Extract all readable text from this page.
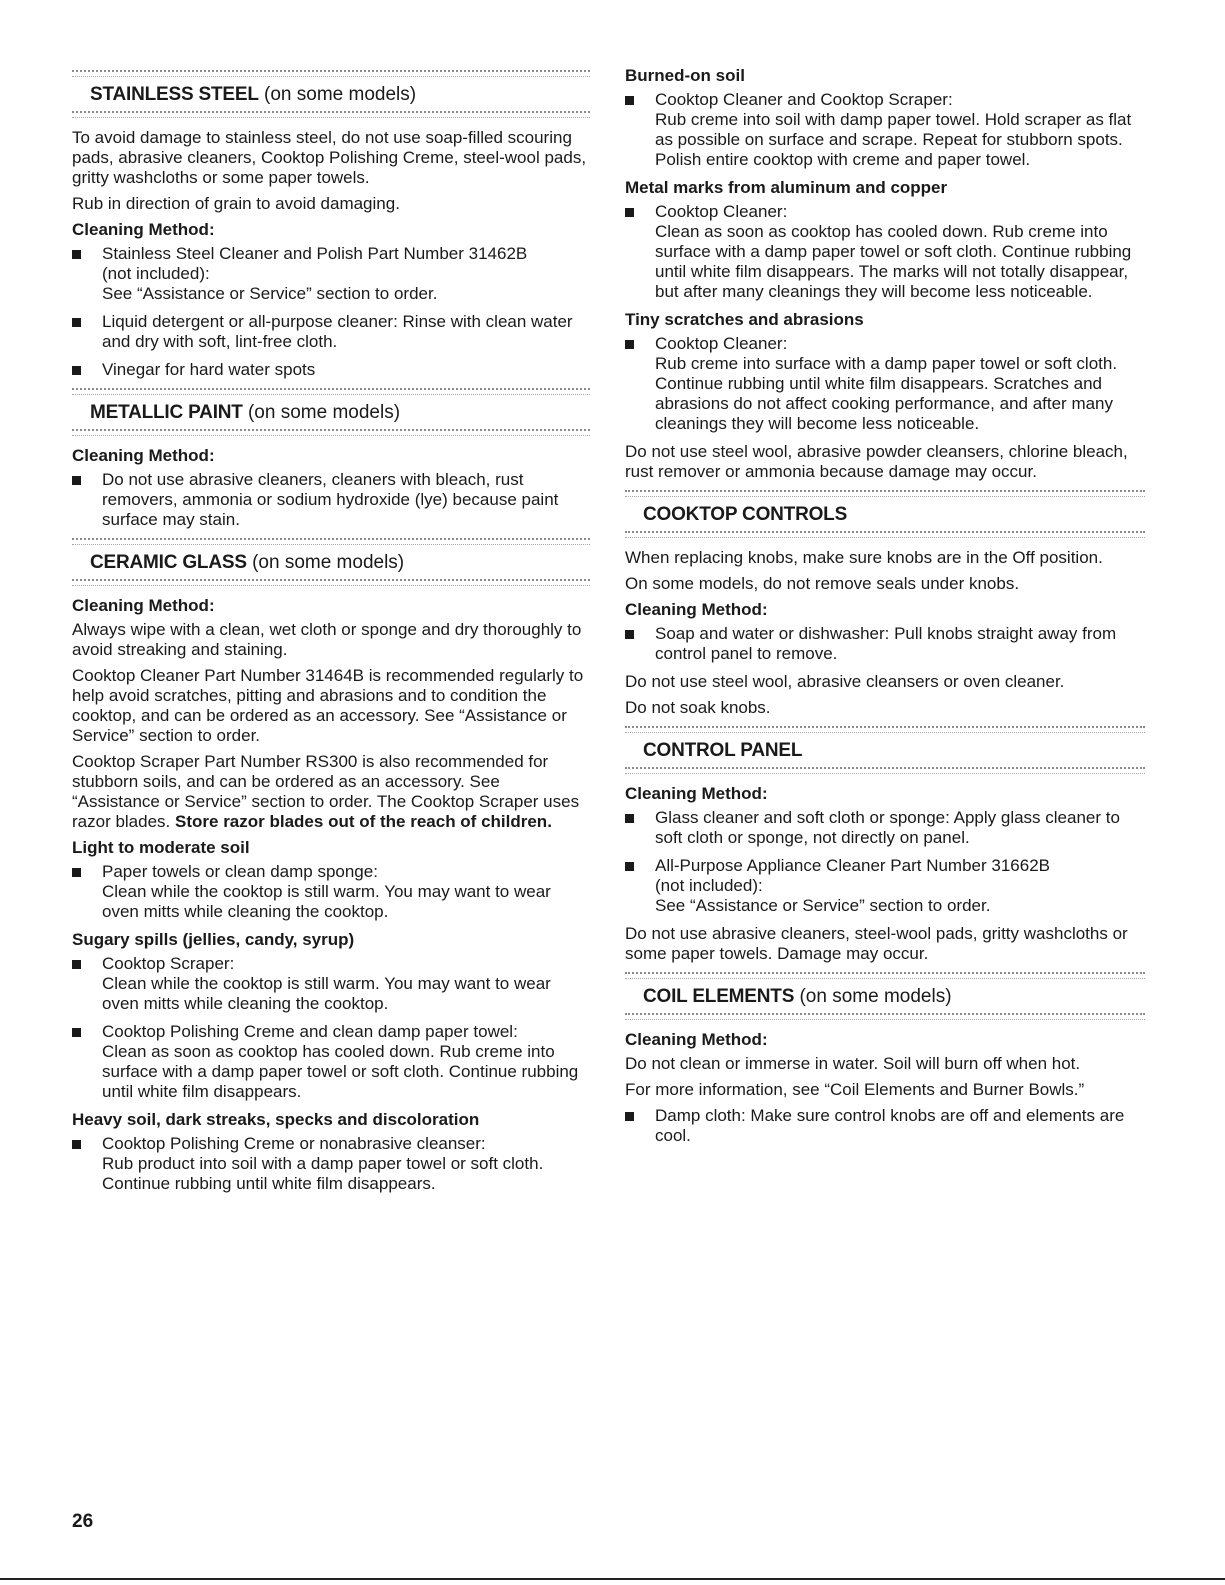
STAINLESS STEEL (on some models)

To avoid damage to stainless steel, do not use soap-filled scouring pads, abrasive cleaners, Cooktop Polishing Creme, steel-wool pads, gritty washcloths or some paper towels.

Rub in direction of grain to avoid damaging.

Cleaning Method:
Stainless Steel Cleaner and Polish Part Number 31462B
(not included):
See “Assistance or Service” section to order.
Liquid detergent or all-purpose cleaner: Rinse with clean water and dry with soft, lint-free cloth.
Vinegar for hard water spots
METALLIC PAINT (on some models)
Cleaning Method:
Do not use abrasive cleaners, cleaners with bleach, rust removers, ammonia or sodium hydroxide (lye) because paint surface may stain.
CERAMIC GLASS (on some models)
Cleaning Method:

Always wipe with a clean, wet cloth or sponge and dry thoroughly to avoid streaking and staining.

Cooktop Cleaner Part Number 31464B is recommended regularly to help avoid scratches, pitting and abrasions and to condition the cooktop, and can be ordered as an accessory. See “Assistance or Service” section to order.

Cooktop Scraper Part Number RS300 is also recommended for stubborn soils, and can be ordered as an accessory. See “Assistance or Service” section to order. The Cooktop Scraper uses razor blades. Store razor blades out of the reach of children.

Light to moderate soil
Paper towels or clean damp sponge:
Clean while the cooktop is still warm. You may want to wear oven mitts while cleaning the cooktop.
Sugary spills (jellies, candy, syrup)
Cooktop Scraper:
Clean while the cooktop is still warm. You may want to wear oven mitts while cleaning the cooktop.
Cooktop Polishing Creme and clean damp paper towel:
Clean as soon as cooktop has cooled down. Rub creme into surface with a damp paper towel or soft cloth. Continue rubbing until white film disappears.
Heavy soil, dark streaks, specks and discoloration
Cooktop Polishing Creme or nonabrasive cleanser:
Rub product into soil with a damp paper towel or soft cloth. Continue rubbing until white film disappears.
Burned-on soil
Cooktop Cleaner and Cooktop Scraper:
Rub creme into soil with damp paper towel. Hold scraper as flat as possible on surface and scrape. Repeat for stubborn spots. Polish entire cooktop with creme and paper towel.
Metal marks from aluminum and copper
Cooktop Cleaner:
Clean as soon as cooktop has cooled down. Rub creme into surface with a damp paper towel or soft cloth. Continue rubbing until white film disappears. The marks will not totally disappear, but after many cleanings they will become less noticeable.
Tiny scratches and abrasions
Cooktop Cleaner:
Rub creme into surface with a damp paper towel or soft cloth. Continue rubbing until white film disappears. Scratches and abrasions do not affect cooking performance, and after many cleanings they will become less noticeable.

Do not use steel wool, abrasive powder cleansers, chlorine bleach, rust remover or ammonia because damage may occur.

COOKTOP CONTROLS

When replacing knobs, make sure knobs are in the Off position.

On some models, do not remove seals under knobs.

Cleaning Method:
Soap and water or dishwasher: Pull knobs straight away from control panel to remove.

Do not use steel wool, abrasive cleansers or oven cleaner.

Do not soak knobs.

CONTROL PANEL
Cleaning Method:
Glass cleaner and soft cloth or sponge: Apply glass cleaner to soft cloth or sponge, not directly on panel.
All-Purpose Appliance Cleaner Part Number 31662B
(not included):
See “Assistance or Service” section to order.

Do not use abrasive cleaners, steel-wool pads, gritty washcloths or some paper towels. Damage may occur.

COIL ELEMENTS (on some models)
Cleaning Method:

Do not clean or immerse in water. Soil will burn off when hot.

For more information, see “Coil Elements and Burner Bowls.”

Damp cloth: Make sure control knobs are off and elements are cool.
26
